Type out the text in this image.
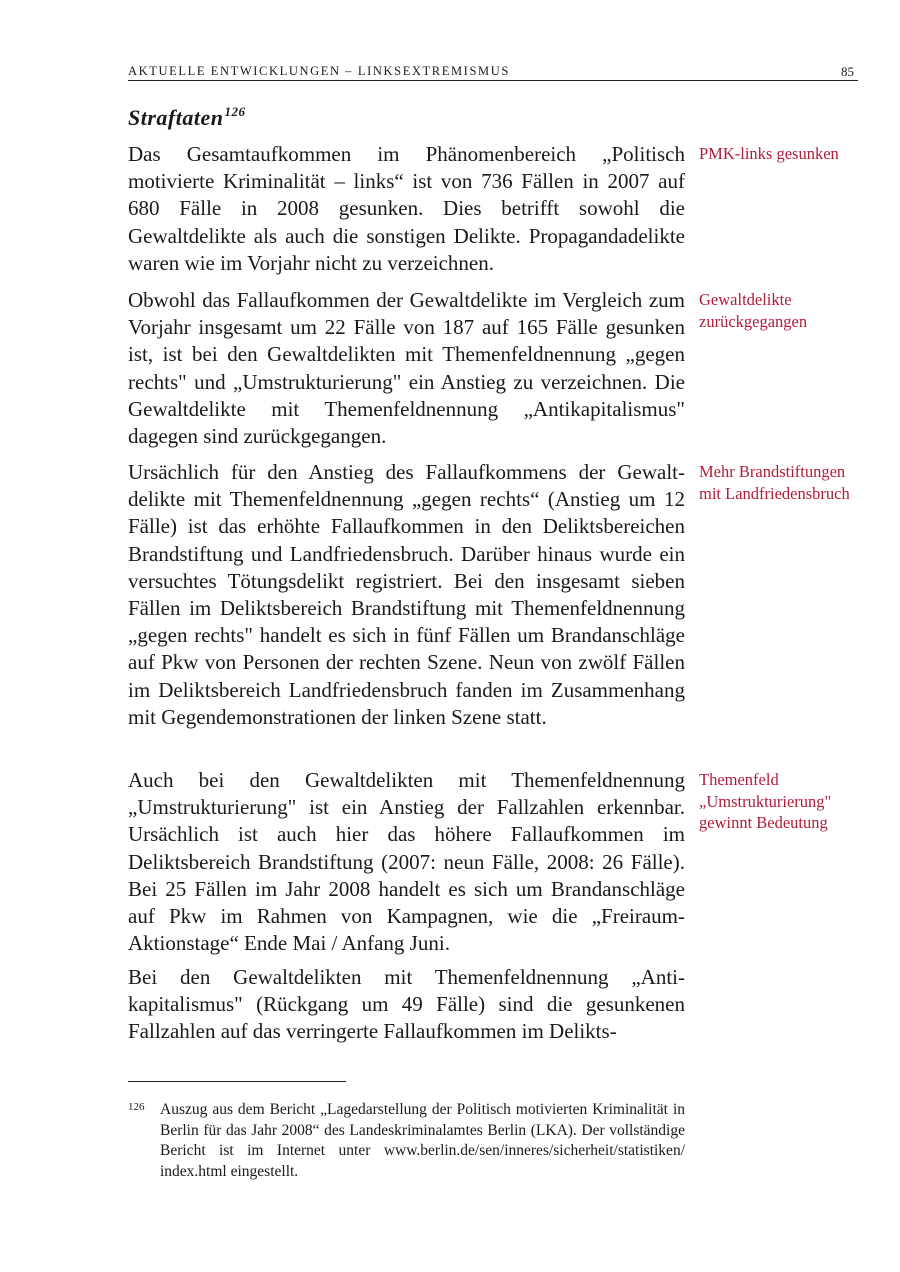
AKTUELLE ENTWICKLUNGEN – LINKSEXTREMISMUS	85
Straftaten$^{126}$

Das Gesamtaufkommen im Phänomenbereich „Politisch motivierte Kriminalität – links“ ist von 736 Fällen in 2007 auf 680 Fälle in 2008 gesunken. Dies betrifft sowohl die Gewaltdelikte als auch die sonstigen Delikte. Propagandadelikte waren wie im Vorjahr nicht zu verzeichnen.

Obwohl das Fallaufkommen der Gewaltdelikte im Vergleich zum Vorjahr insgesamt um 22 Fälle von 187 auf 165 Fälle gesunken ist, ist bei den Gewaltdelikten mit Themenfeldnennung „gegen rechts" und „Umstrukturierung" ein Anstieg zu verzeichnen. Die Gewaltdelikte mit Themenfeldnennung „Antikapitalismus" dagegen sind zurückgegangen.

Ursächlich für den Anstieg des Fallaufkommens der Gewaltdelikte mit Themenfeldnennung „gegen rechts“ (Anstieg um 12 Fälle) ist das erhöhte Fallaufkommen in den Deliktsbereichen Brandstiftung und Landfriedensbruch. Darüber hinaus wurde ein versuchtes Tötungsdelikt registriert. Bei den insgesamt sieben Fällen im Deliktsbereich Brandstiftung mit Themenfeldnennung „gegen rechts" handelt es sich in fünf Fällen um Brandanschläge auf Pkw von Personen der rechten Szene. Neun von zwölf Fällen im Deliktsbereich Landfriedensbruch fanden im Zusammenhang mit Gegendemonstrationen der linken Szene statt.

Auch bei den Gewaltdelikten mit Themenfeldnennung „Umstrukturierung" ist ein Anstieg der Fallzahlen erkennbar. Ursächlich ist auch hier das höhere Fallaufkommen im Deliktsbereich Brandstiftung (2007: neun Fälle, 2008: 26 Fälle). Bei 25 Fällen im Jahr 2008 handelt es sich um Brandanschläge auf Pkw im Rahmen von Kampagnen, wie die „Freiraum-Aktionstage“ Ende Mai / Anfang Juni.

Bei den Gewaltdelikten mit Themenfeldnennung „Antikapitalismus" (Rückgang um 49 Fälle) sind die gesunkenen Fallzahlen auf das verringerte Fallaufkommen im Delikts-

PMK-links gesunken
Gewaltdelikte zurückgegangen
Mehr Brandstiftungen mit Landfriedensbruch
Themenfeld „Umstrukturierung" gewinnt Bedeutung
126 Auszug aus dem Bericht „Lagedarstellung der Politisch motivierten Kriminalität in Berlin für das Jahr 2008“ des Landeskriminalamtes Berlin (LKA). Der vollständige Bericht ist im Internet unter www.berlin.de/sen/inneres/sicherheit/statistiken/ index.html eingestellt.
